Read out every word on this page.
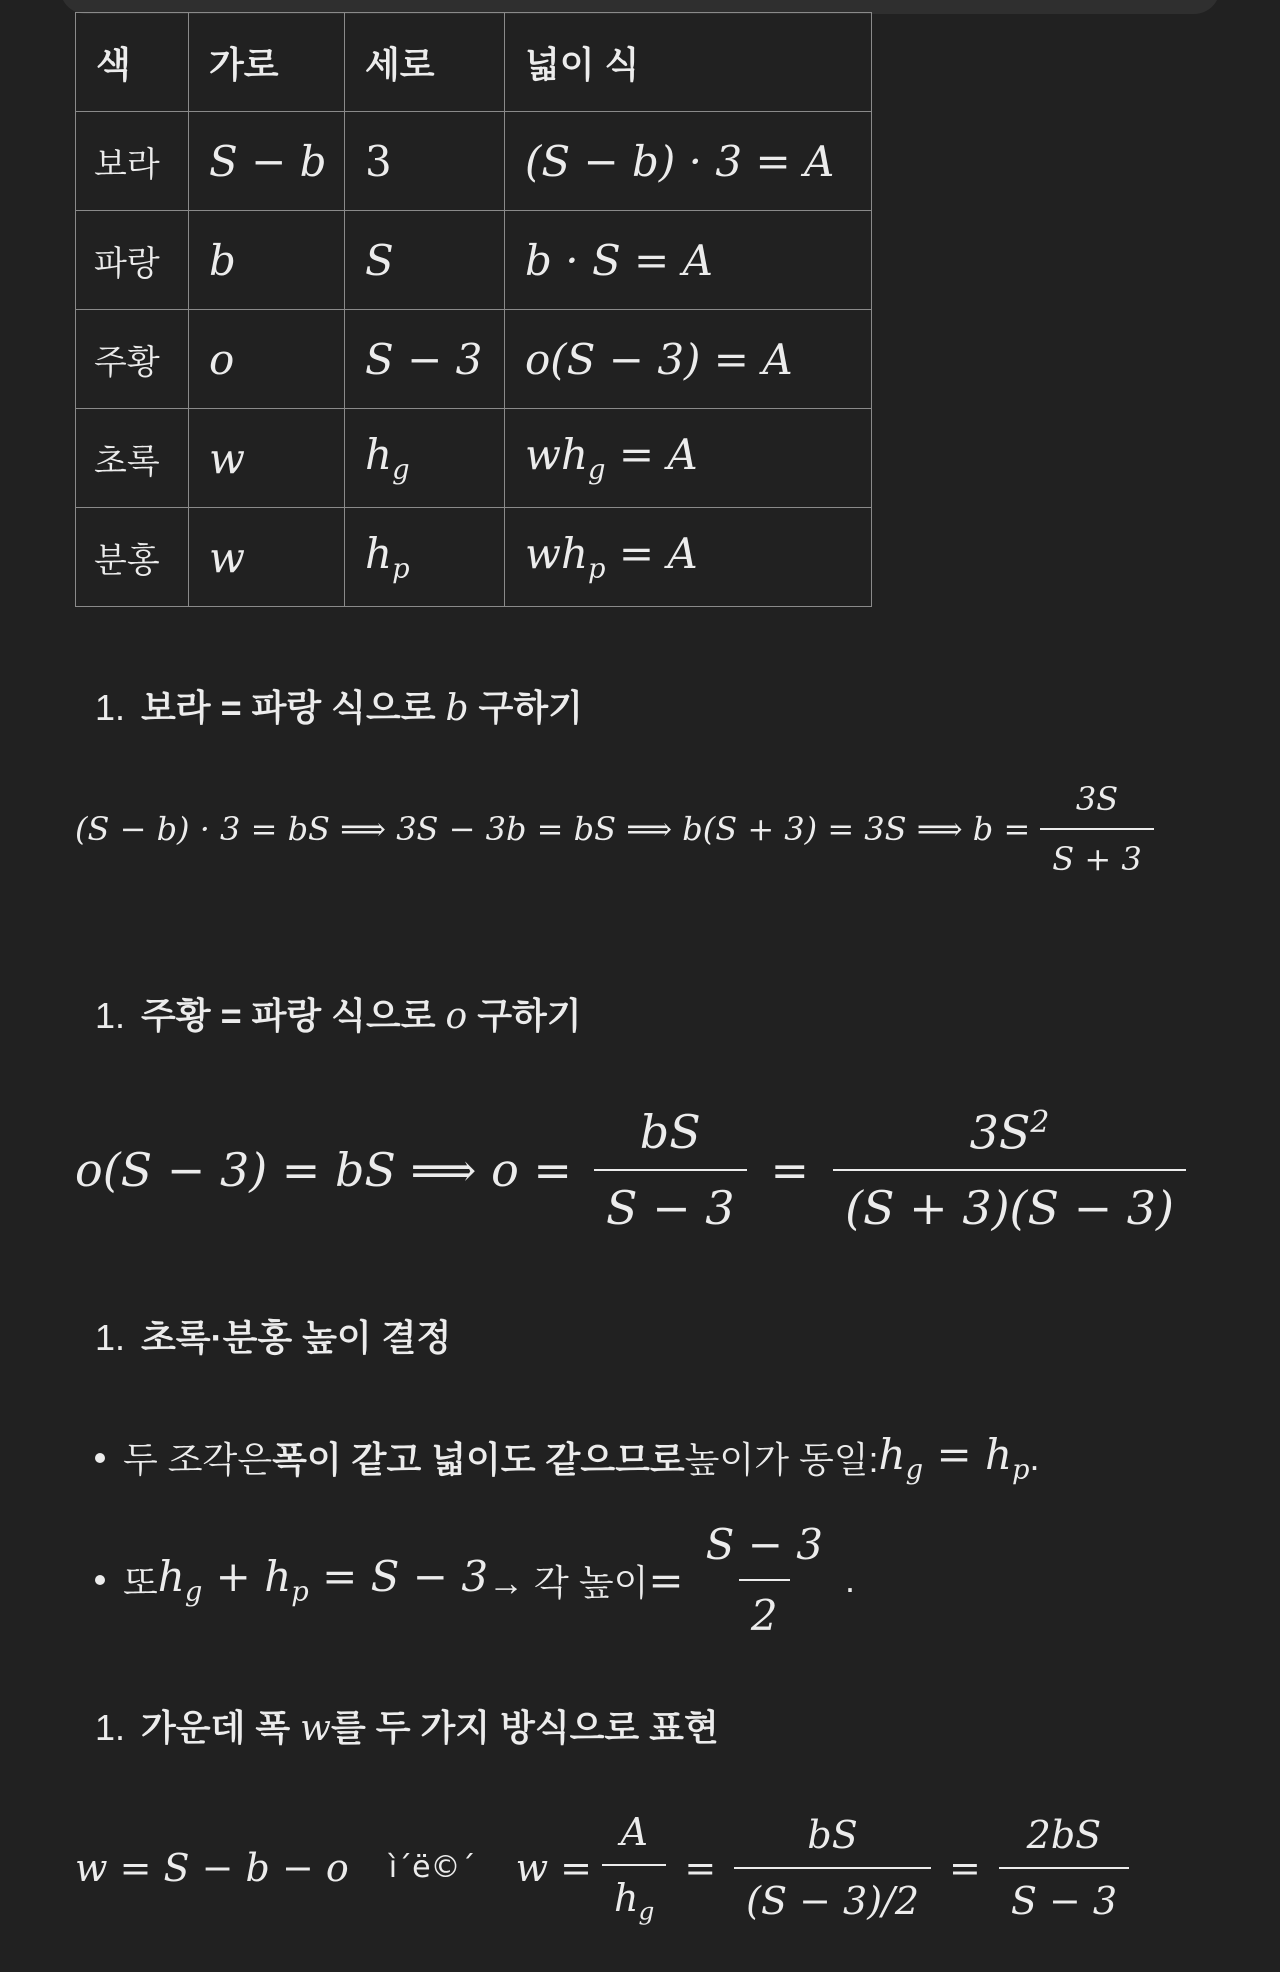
색	가로	세로	넓이 식
보라	S − b	3	(S − b) · 3 = A
파랑	b	S	b · S = A
주황	o	S − 3	o(S − 3) = A
초록	w	$h_g$	$wh_g = A$
분홍	w	$h_p$	$wh_p = A$
1. 보라 = 파랑 식으로 b 구하기
(S − b) · 3 = bS ⟹ 3S − 3b = bS ⟹ b(S + 3) = 3S ⟹ $b = \frac{3S}{S + 3}$
1. 주황 = 파랑 식으로 o 구하기
o(S − 3) = bS ⟹ $o = \frac{bS}{S - 3} = \frac{3S^2}{(S + 3)(S - 3)}$
1. 초록·분홍 높이 결정
두 조각은 폭이 같고 넓이도 같으므로 높이가 동일: $h_g = h_p$ .
또 $h_g + h_p = S - 3$ → 각 높이 = $\frac{S - 3}{2}$ .
1. 가운데 폭 w를 두 가지 방식으로 표현
w = S − b − o ì´ë©´ $w = \frac{A}{h_g} = \frac{bS}{(S - 3)/2} = \frac{2bS}{S - 3}$
